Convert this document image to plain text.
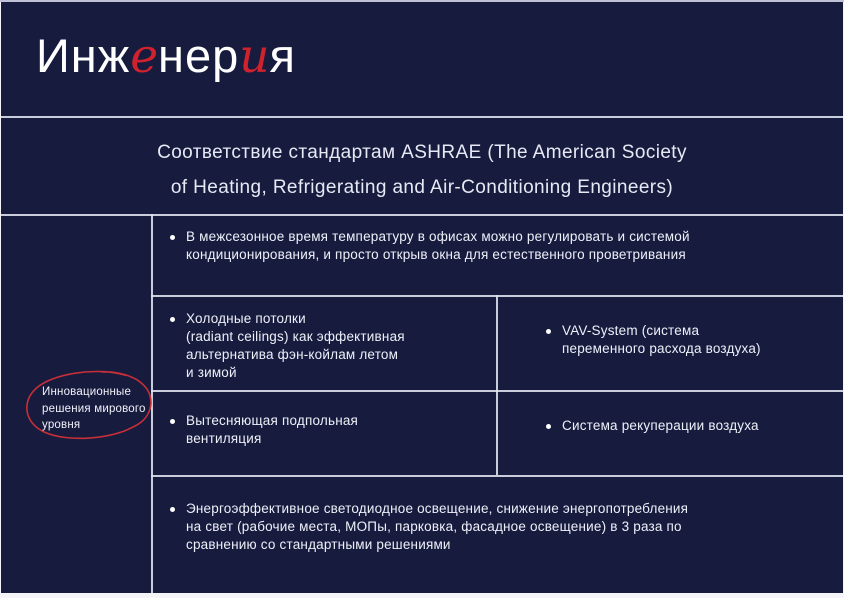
Инженерия
Соответствие стандартам ASHRAE (The American Society
of Heating, Refrigerating and Air-Conditioning Engineers)
Инновационные
решения мирового
уровня
В межсезонное время температуру в офисах можно регулировать и системой
кондиционирования, и просто открыв окна для естественного проветривания
Холодные потолки
(radiant ceilings) как эффективная
альтернатива фэн-койлам летом
и зимой
VAV-System (система
переменного расхода воздуха)
Вытесняющая подпольная
вентиляция
Система рекуперации воздуха
Энергоэффективное светодиодное освещение, снижение энергопотребления
на свет (рабочие места, МОПы, парковка, фасадное освещение) в 3 раза по
сравнению со стандартными решениями
